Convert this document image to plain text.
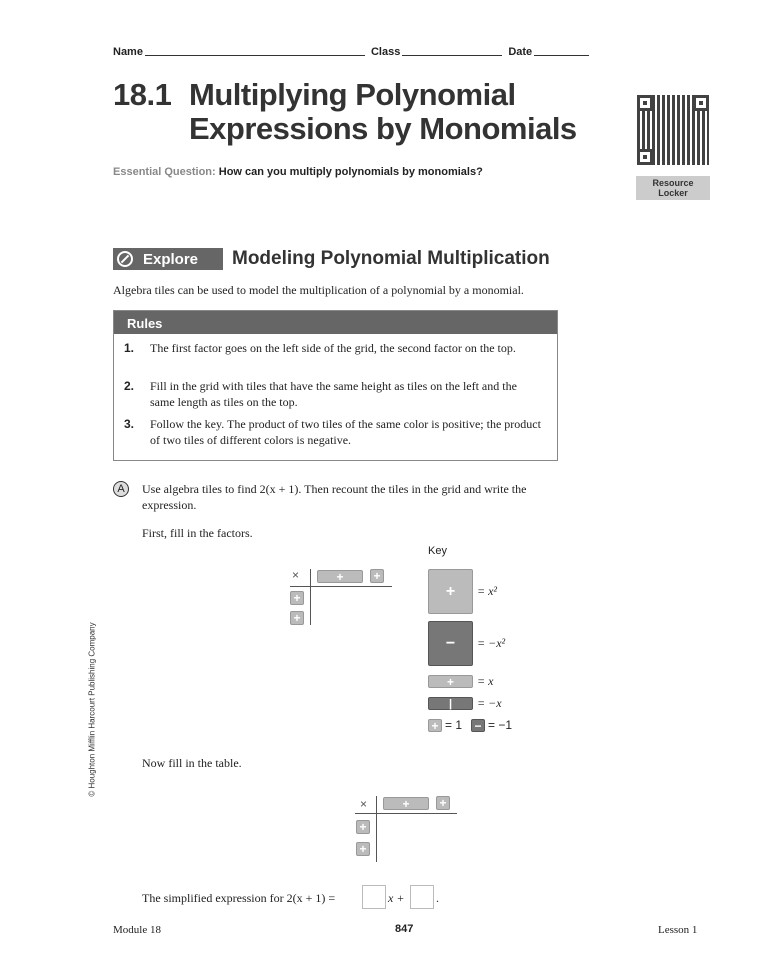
Name	Class	Date
18.1 Multiplying Polynomial
Expressions by Monomials
Essential Question: How can you multiply polynomials by monomials?
Resource
Locker
Explore Modeling Polynomial Multiplication
Algebra tiles can be used to model the multiplication of a polynomial by a monomial.
Rules
1.	The first factor goes on the left side of the grid, the second factor on the top.
2.	Fill in the grid with tiles that have the same height as tiles on the left and the same length as tiles on the top.
3.	Follow the key. The product of two tiles of the same color is positive; the product of two tiles of different colors is negative.
A	Use algebra tiles to find 2(x + 1). Then recount the tiles in the grid and write the expression.
First, fill in the factors.
×	+	+
+
+
Key
+	= x²
−	= −x²
+	= x
|	= −x
+ = 1 − = −1
Now fill in the table.
×	+	+
+
+
The simplified expression for 2(x + 1) =	x +	.
© Houghton Mifflin Harcourt Publishing Company
Module 18	847	Lesson 1
